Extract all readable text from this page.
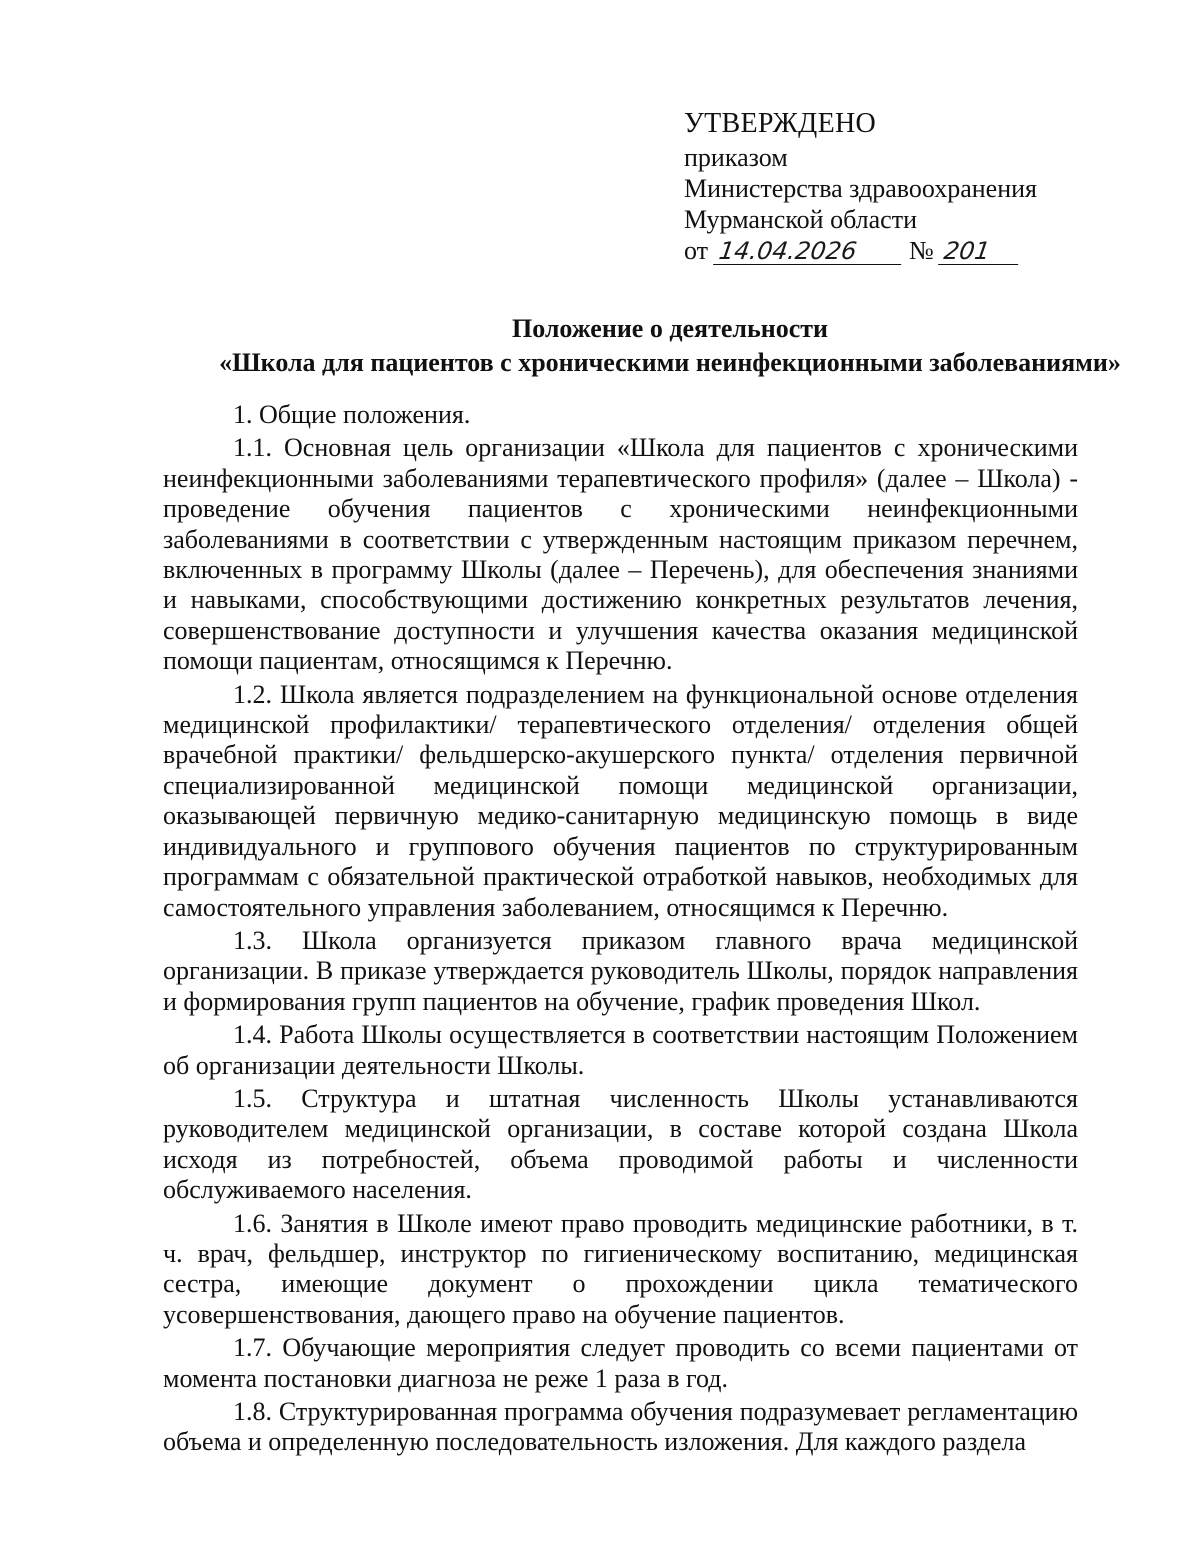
УТВЕРЖДЕНО
приказом
Министерства здравоохранения
Мурманской области
от 14.04.2026 № 201
Положение о деятельности
«Школа для пациентов с хроническими неинфекционными заболеваниями»

1. Общие положения.

1.1. Основная цель организации «Школа для пациентов с хроническими неинфекционными заболеваниями терапевтического профиля» (далее – Школа) - проведение обучения пациентов с хроническими неинфекционными заболеваниями в соответствии с утвержденным настоящим приказом перечнем, включенных в программу Школы (далее – Перечень), для обеспечения знаниями и навыками, способствующими достижению конкретных результатов лечения, совершенствование доступности и улучшения качества оказания медицинской помощи пациентам, относящимся к Перечню.

1.2. Школа является подразделением на функциональной основе отделения медицинской профилактики/ терапевтического отделения/ отделения общей врачебной практики/ фельдшерско-акушерского пункта/ отделения первичной специализированной медицинской помощи медицинской организации, оказывающей первичную медико-санитарную медицинскую помощь в виде индивидуального и группового обучения пациентов по структурированным программам с обязательной практической отработкой навыков, необходимых для самостоятельного управления заболеванием, относящимся к Перечню.

1.3. Школа организуется приказом главного врача медицинской организации. В приказе утверждается руководитель Школы, порядок направления и формирования групп пациентов на обучение, график проведения Школ.

1.4. Работа Школы осуществляется в соответствии настоящим Положением об организации деятельности Школы.

1.5. Структура и штатная численность Школы устанавливаются руководителем медицинской организации, в составе которой создана Школа исходя из потребностей, объема проводимой работы и численности обслуживаемого населения.

1.6. Занятия в Школе имеют право проводить медицинские работники, в т. ч. врач, фельдшер, инструктор по гигиеническому воспитанию, медицинская сестра, имеющие документ о прохождении цикла тематического усовершенствования, дающего право на обучение пациентов.

1.7. Обучающие мероприятия следует проводить со всеми пациентами от момента постановки диагноза не реже 1 раза в год.

1.8. Структурированная программа обучения подразумевает регламентацию объема и определенную последовательность изложения. Для каждого раздела
